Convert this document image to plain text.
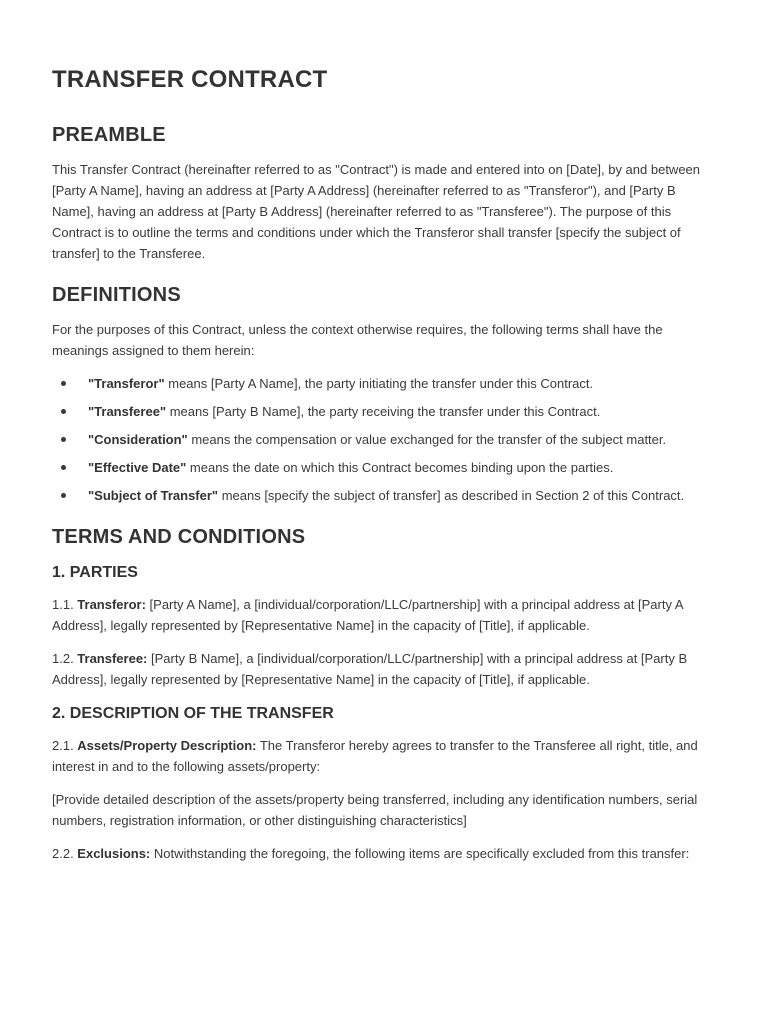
TRANSFER CONTRACT
PREAMBLE

This Transfer Contract (hereinafter referred to as "Contract") is made and entered into on [Date], by and between [Party A Name], having an address at [Party A Address] (hereinafter referred to as "Transferor"), and [Party B Name], having an address at [Party B Address] (hereinafter referred to as "Transferee"). The purpose of this Contract is to outline the terms and conditions under which the Transferor shall transfer [specify the subject of transfer] to the Transferee.

DEFINITIONS

For the purposes of this Contract, unless the context otherwise requires, the following terms shall have the meanings assigned to them herein:

"Transferor" means [Party A Name], the party initiating the transfer under this Contract.
"Transferee" means [Party B Name], the party receiving the transfer under this Contract.
"Consideration" means the compensation or value exchanged for the transfer of the subject matter.
"Effective Date" means the date on which this Contract becomes binding upon the parties.
"Subject of Transfer" means [specify the subject of transfer] as described in Section 2 of this Contract.
TERMS AND CONDITIONS
1. PARTIES

1.1. Transferor: [Party A Name], a [individual/corporation/LLC/partnership] with a principal address at [Party A Address], legally represented by [Representative Name] in the capacity of [Title], if applicable.

1.2. Transferee: [Party B Name], a [individual/corporation/LLC/partnership] with a principal address at [Party B Address], legally represented by [Representative Name] in the capacity of [Title], if applicable.

2. DESCRIPTION OF THE TRANSFER

2.1. Assets/Property Description: The Transferor hereby agrees to transfer to the Transferee all right, title, and interest in and to the following assets/property:

[Provide detailed description of the assets/property being transferred, including any identification numbers, serial numbers, registration information, or other distinguishing characteristics]

2.2. Exclusions: Notwithstanding the foregoing, the following items are specifically excluded from this transfer:
